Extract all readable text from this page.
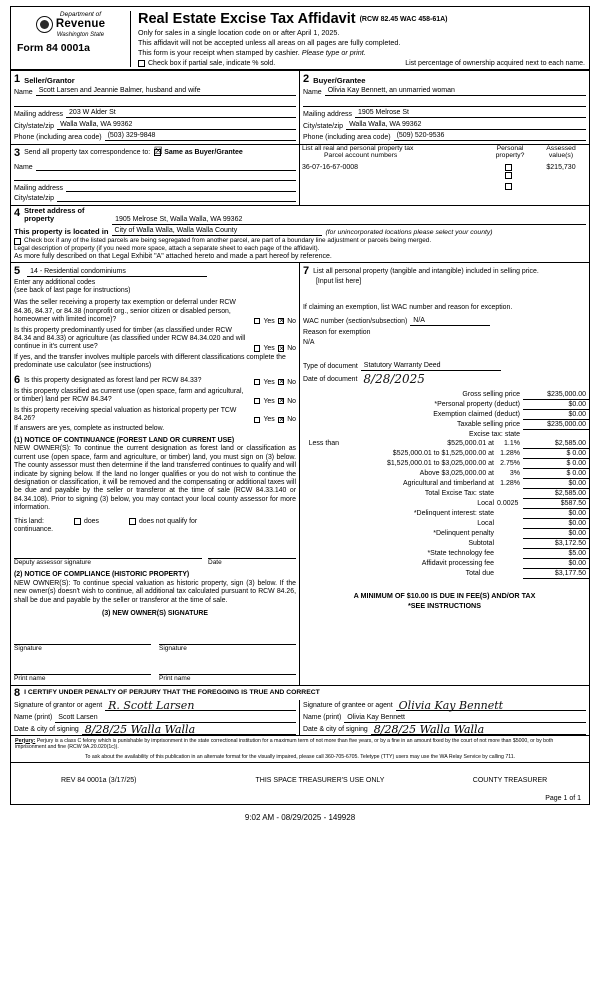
Department of
Revenue
Washington State
Form 84 0001a
Real Estate Excise Tax Affidavit (RCW 82.45 WAC 458-61A)

Only for sales in a single location code on or after April 1, 2025.

This affidavit will not be accepted unless all areas on all pages are fully completed.

This form is your receipt when stamped by cashier. Please type or print.

Check box if partial sale, indicate % sold.	List percentage of ownership acquired next to each name.
1 Seller/Grantor
Name Scott Larsen and Jeannie Balmer, husband and wife
Mailing address 203 W Alder St
City/state/zip Walla Walla, WA 99362
Phone (including area code) (503) 329-9848
2 Buyer/Grantee
Name Olivia Kay Bennett, an unmarried woman
Mailing address 1905 Melrose St
City/state/zip Walla Walla, WA 99362
Phone (including area code) (509) 520-9536
3 Send all property tax correspondence to: ☒ Same as Buyer/Grantee
Name
Mailing address
City/state/zip
List all real and personal property tax
Parcel account numbers	Personal
property?	Assessed
value(s)
36-07-16-67-0008		$215,730

4 Street address of
property	1905 Melrose St, Walla Walla, WA 99362
This property is located in City of Walla Walla, Walla Walla County	(for unincorporated locations please select your county)
Check box if any of the listed parcels are being segregated from another parcel, are part of a boundary line adjustment or parcels being merged.
Legal description of property (if you need more space, attach a separate sheet to each page of the affidavit).
As more fully described on that Legal Exhibit "A" attached hereto and made a part hereof by reference.
5	14 - Residential condominiums
Enter any additional codes
(see back of last page for instructions)
Was the seller receiving a property tax exemption or deferral under RCW 84.36, 84.37, or 84.38 (nonprofit org., senior citizen or disabled person, homeowner with limited income)?	Yes × No
Is this property predominantly used for timber (as classified under RCW 84.34 and 84.33) or agriculture (as classified under RCW 84.34.020 and will continue in it's current use?	Yes × No
If yes, and the transfer involves multiple parcels with different classifications complete the predominate use calculator (see instructions)
6 Is this property designated as forest land per RCW 84.33?	Yes × No
Is this property classified as current use (open space, farm and agricultural, or timber) land per RCW 84.34?	Yes × No
Is this property receiving special valuation as historical property per TCW 84.26?	Yes × No
If answers are yes, complete as instructed below.
(1) NOTICE OF CONTINUANCE (FOREST LAND OR CURRENT USE)
NEW OWNER(S): To continue the current designation as forest land or classification as current use (open space, farm and agriculture, or timber) land, you must sign on (3) below. The county assessor must then determine if the land transferred continues to qualify and will indicate by signing below. If the land no longer qualifies or you do not wish to continue the designation or classification, it will be removed and the compensating or additional taxes will be due and payable by the seller or transferor at the time of sale (RCW 84.33.140 or 84.34.108). Prior to signing (3) below, you may contact your local county assessor for more information.
This land:	does	does not qualify for
continuance.
Deputy assessor signature	Date
(2) NOTICE OF COMPLIANCE (HISTORIC PROPERTY)
NEW OWNER(S): To continue special valuation as historic property, sign (3) below. If the new owner(s) doesn't wish to continue, all additional tax calculated pursuant to RCW 84.26, shall be due and payable by the seller or transferor at the time of sale.
(3) NEW OWNER(S) SIGNATURE
Signature	Signature
Print name	Print name
7 List all personal property (tangible and intangible) included in selling price.
[Input list here]
If claiming an exemption, list WAC number and reason for exception.
WAC number (section/subsection) N/A
Reason for exemption
N/A
Type of document Statutory Warranty Deed
Date of document 8/28/2025
Gross selling price	$235,000.00
*Personal property (deduct)	$0.00
Exemption claimed (deduct)	$0.00
Taxable selling price	$235,000.00
Excise tax: state	
Less than	$525,000.01 at	1.1%	$2,585.00
	$525,000.01 to $1,525,000.00 at	1.28%	$ 0.00
	$1,525,000.01 to $3,025,000.00 at	2.75%	$ 0.00
	Above $3,025,000.00 at	3%	$ 0.00
	Agricultural and timberland at	1.28%	$0.00
	Total Excise Tax: state		$2,585.00
	Local	0.0025	$587.50
	*Delinquent interest: state		$0.00
	Local		$0.00
	*Delinquent penalty		$0.00
	Subtotal		$3,172.50
	*State technology fee		$5.00
	Affidavit processing fee		$0.00
	Total due		$3,177.50
A MINIMUM OF $10.00 IS DUE IN FEE(S) AND/OR TAX
*SEE INSTRUCTIONS
8 I CERTIFY UNDER PENALTY OF PERJURY THAT THE FOREGOING IS TRUE AND CORRECT
Signature of grantor or agent R. Scott Larsen
Name (print) Scott Larsen
Date & city of signing 8/28/25 Walla Walla
Signature of grantee or agent Olivia Kay Bennett
Name (print) Olivia Kay Bennett
Date & city of signing 8/28/25 Walla Walla
Perjury: Perjury is a class C felony which is punishable by imprisonment in the state correctional institution for a maximum term of not more than five years, or by a fine in an amount fixed by the court of not more than $5000, or by both imprisonment and fine (RCW 9A.20.020(1c)).
To ask about the availability of this publication in an alternate format for the visually impaired, please call 360-705-6705. Teletype (TTY) users may use the WA Relay Service by calling 711.
REV 84 0001a (3/17/25)	THIS SPACE TREASURER'S USE ONLY	COUNTY TREASURER
Page 1 of 1
9:02 AM - 08/29/2025 - 149928
